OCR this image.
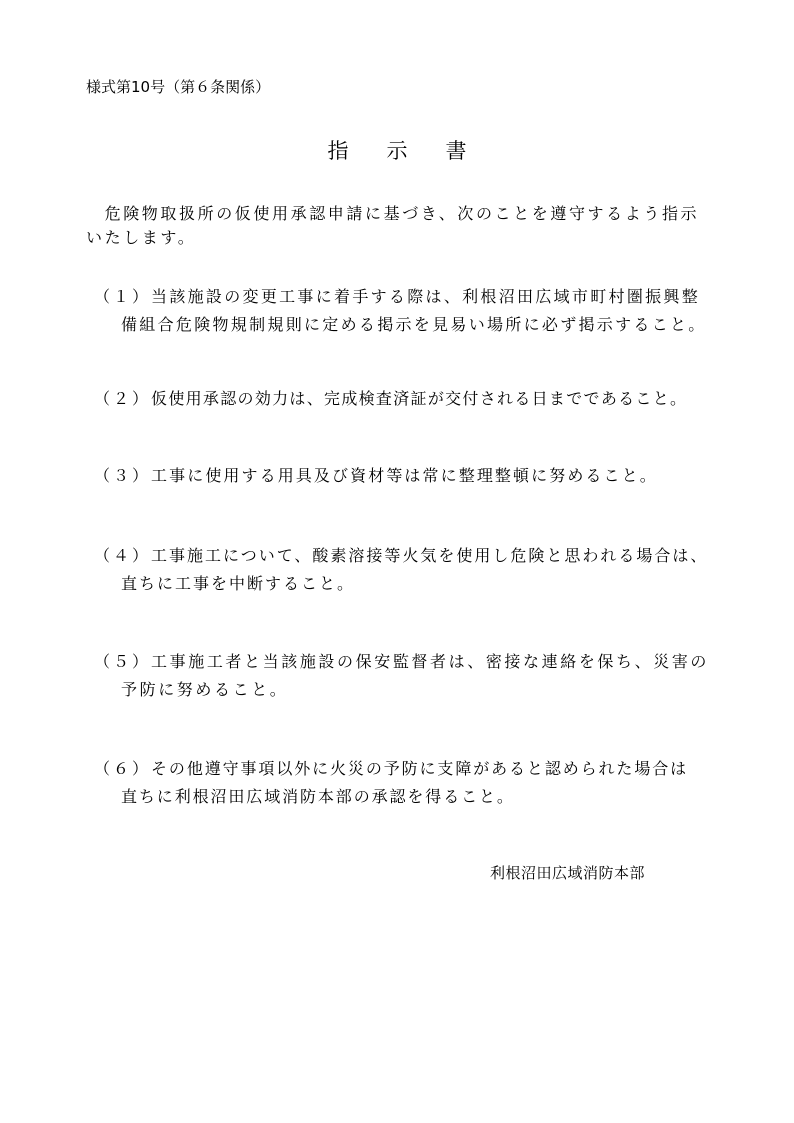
様式第10号（第６条関係）
指示書
　危険物取扱所の仮使用承認申請に基づき、次のことを遵守するよう指示
いたします。
（１）当該施設の変更工事に着手する際は、利根沼田広域市町村圏振興整
備組合危険物規制規則に定める掲示を見易い場所に必ず掲示すること。
（２）仮使用承認の効力は、完成検査済証が交付される日までであること。
（３）工事に使用する用具及び資材等は常に整理整頓に努めること。
（４）工事施工について、酸素溶接等火気を使用し危険と思われる場合は、
直ちに工事を中断すること。
（５）工事施工者と当該施設の保安監督者は、密接な連絡を保ち、災害の
予防に努めること。
（６）その他遵守事項以外に火災の予防に支障があると認められた場合は
直ちに利根沼田広域消防本部の承認を得ること。
利根沼田広域消防本部
